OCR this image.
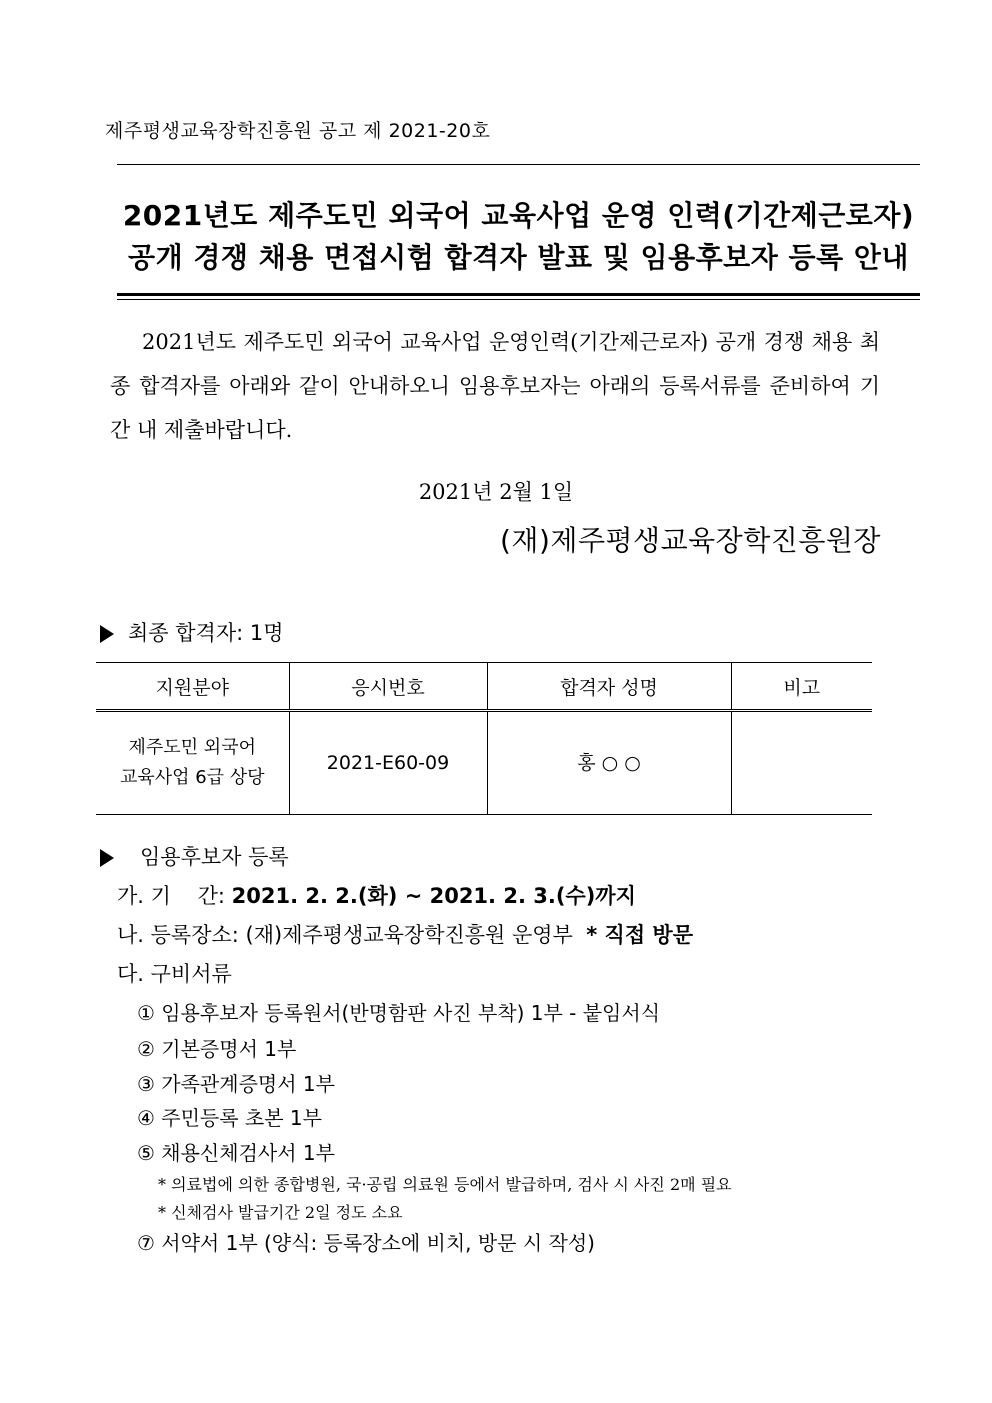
제주평생교육장학진흥원 공고 제 2021-20호
2021년도 제주도민 외국어 교육사업 운영 인력(기간제근로자)
공개 경쟁 채용 면접시험 합격자 발표 및 임용후보자 등록 안내
2021년도 제주도민 외국어 교육사업 운영인력(기간제근로자) 공개 경쟁 채용 최종 합격자를 아래와 같이 안내하오니 임용후보자는 아래의 등록서류를 준비하여 기간 내 제출바랍니다.
2021년 2월 1일
(재)제주평생교육장학진흥원장
최종 합격자: 1명
지원분야	응시번호	합격자 성명	비고
제주도민 외국어
교육사업 6급 상당	2021-E60-09	홍 ○ ○	
임용후보자 등록
가. 기    간: 2021. 2. 2.(화) ~ 2021. 2. 3.(수)까지
나. 등록장소: (재)제주평생교육장학진흥원 운영부  * 직접 방문
다. 구비서류
① 임용후보자 등록원서(반명함판 사진 부착) 1부 - 붙임서식
② 기본증명서 1부
③ 가족관계증명서 1부
④ 주민등록 초본 1부
⑤ 채용신체검사서 1부
* 의료법에 의한 종합병원, 국·공립 의료원 등에서 발급하며, 검사 시 사진 2매 필요
* 신체검사 발급기간 2일 정도 소요
⑦ 서약서 1부 (양식: 등록장소에 비치, 방문 시 작성)
